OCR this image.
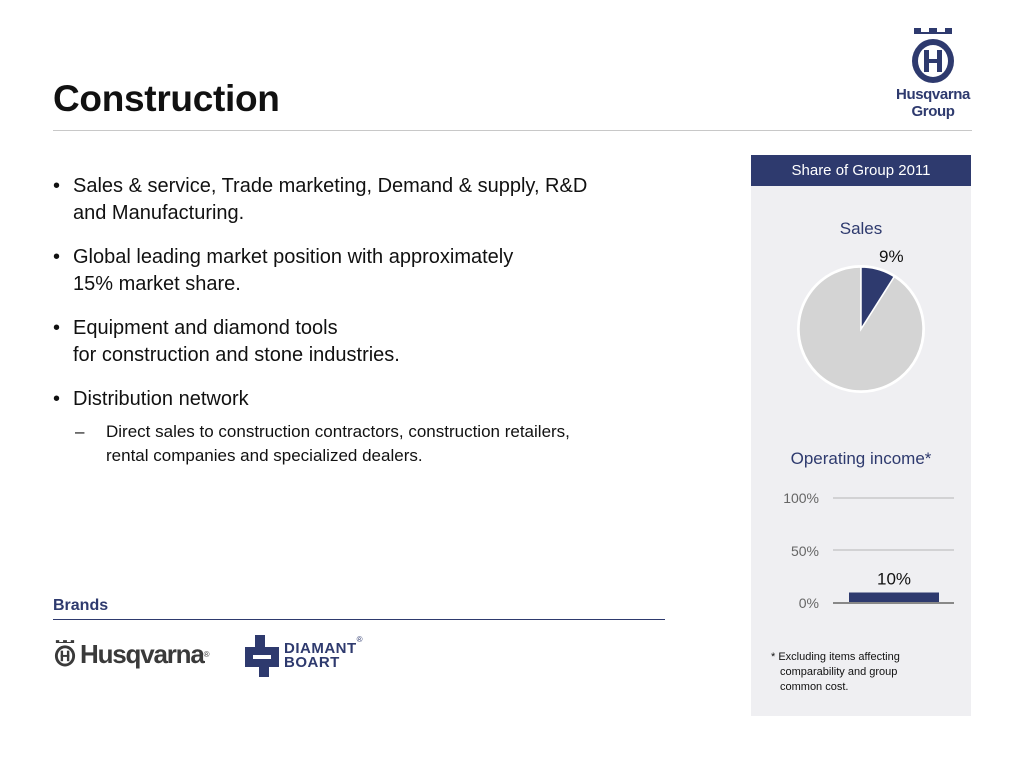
Construction	Husqvarna
Group
• Sales & service, Trade marketing, Demand & supply, R&D
and Manufacturing.
• Global leading market position with approximately
15% market share.
• Equipment and diamond tools
for construction and stone industries.
• Distribution network
– Direct sales to construction contractors, construction retailers,
rental companies and specialized dealers.
Brands
Husqvarna ®	DIAMANT
BOART
®
Share of Group 2011
Sales
9%
Operating income*
100%
50%
0%
10%
* Excluding items affecting
comparability and group
common cost.
